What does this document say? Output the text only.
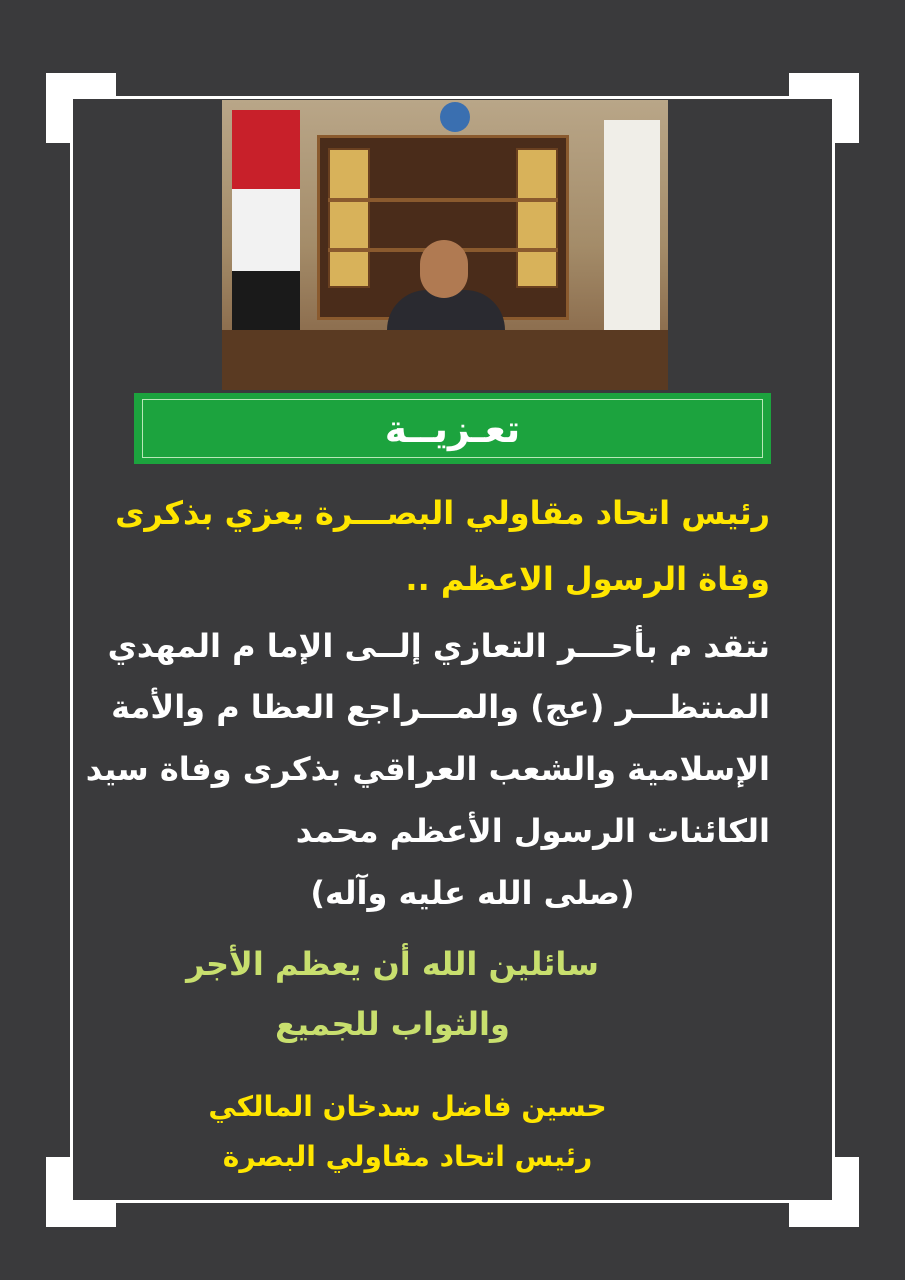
تعـزيــة

رئيس اتحاد مقاولي البصـــرة يعزي بذكرى

وفاة الرسول الاعظم ..

نتقد م بأحـــر التعازي إلــى الإما م المهدي

المنتظـــر (عج) والمـــراجع العظا م والأمة

الإسلامية والشعب العراقي بذكرى وفاة سيد

الكائنات الرسول الأعظم محمد

(صلى الله عليه وآله)

سائلين الله أن يعظم الأجر

والثواب للجميع

حسين فاضل سدخان المالكي

رئيس اتحاد مقاولي البصرة
